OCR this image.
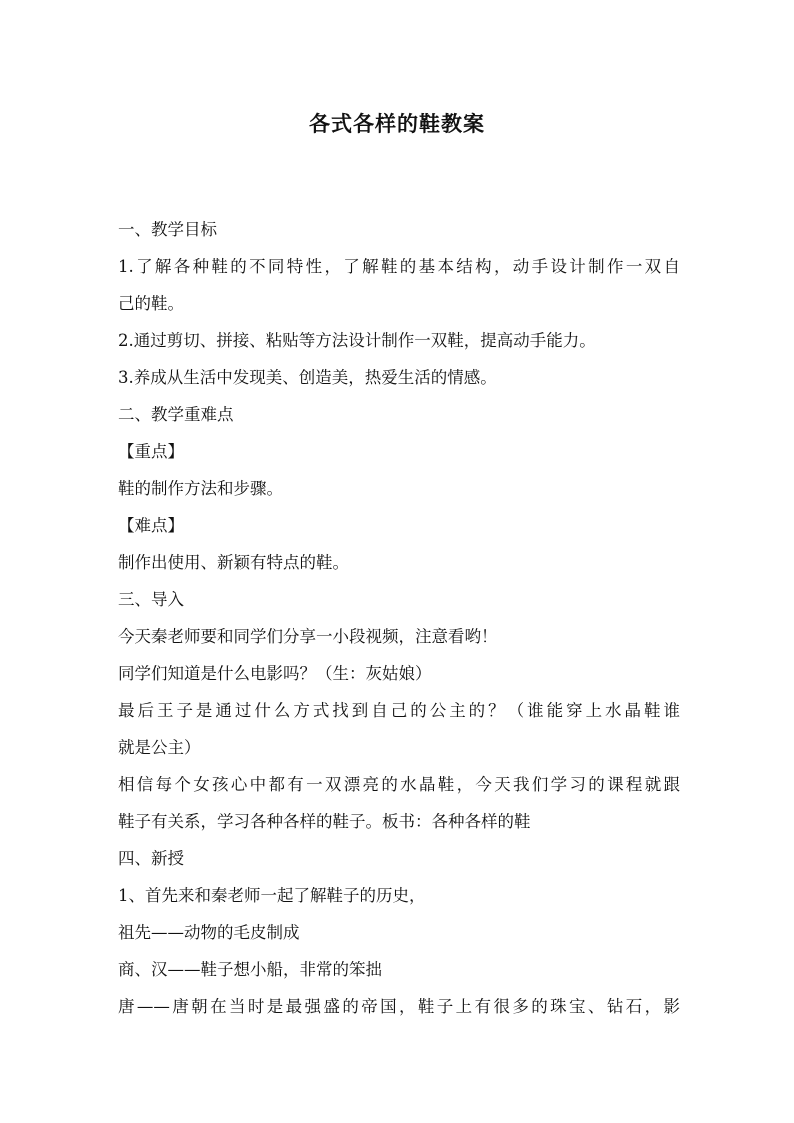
各式各样的鞋教案
一、教学目标
1.了解各种鞋的不同特性，了解鞋的基本结构，动手设计制作一双自
己的鞋。
2.通过剪切、拼接、粘贴等方法设计制作一双鞋，提高动手能力。
3.养成从生活中发现美、创造美，热爱生活的情感。
二、教学重难点
【重点】
鞋的制作方法和步骤。
【难点】
制作出使用、新颖有特点的鞋。
三、导入
今天秦老师要和同学们分享一小段视频，注意看哟！
同学们知道是什么电影吗？（生：灰姑娘）
最后王子是通过什么方式找到自己的公主的？（谁能穿上水晶鞋谁
就是公主）
相信每个女孩心中都有一双漂亮的水晶鞋，今天我们学习的课程就跟
鞋子有关系，学习各种各样的鞋子。板书：各种各样的鞋
四、新授
1、首先来和秦老师一起了解鞋子的历史，
祖先——动物的毛皮制成
商、汉——鞋子想小船，非常的笨拙
唐——唐朝在当时是最强盛的帝国，鞋子上有很多的珠宝、钻石，影
